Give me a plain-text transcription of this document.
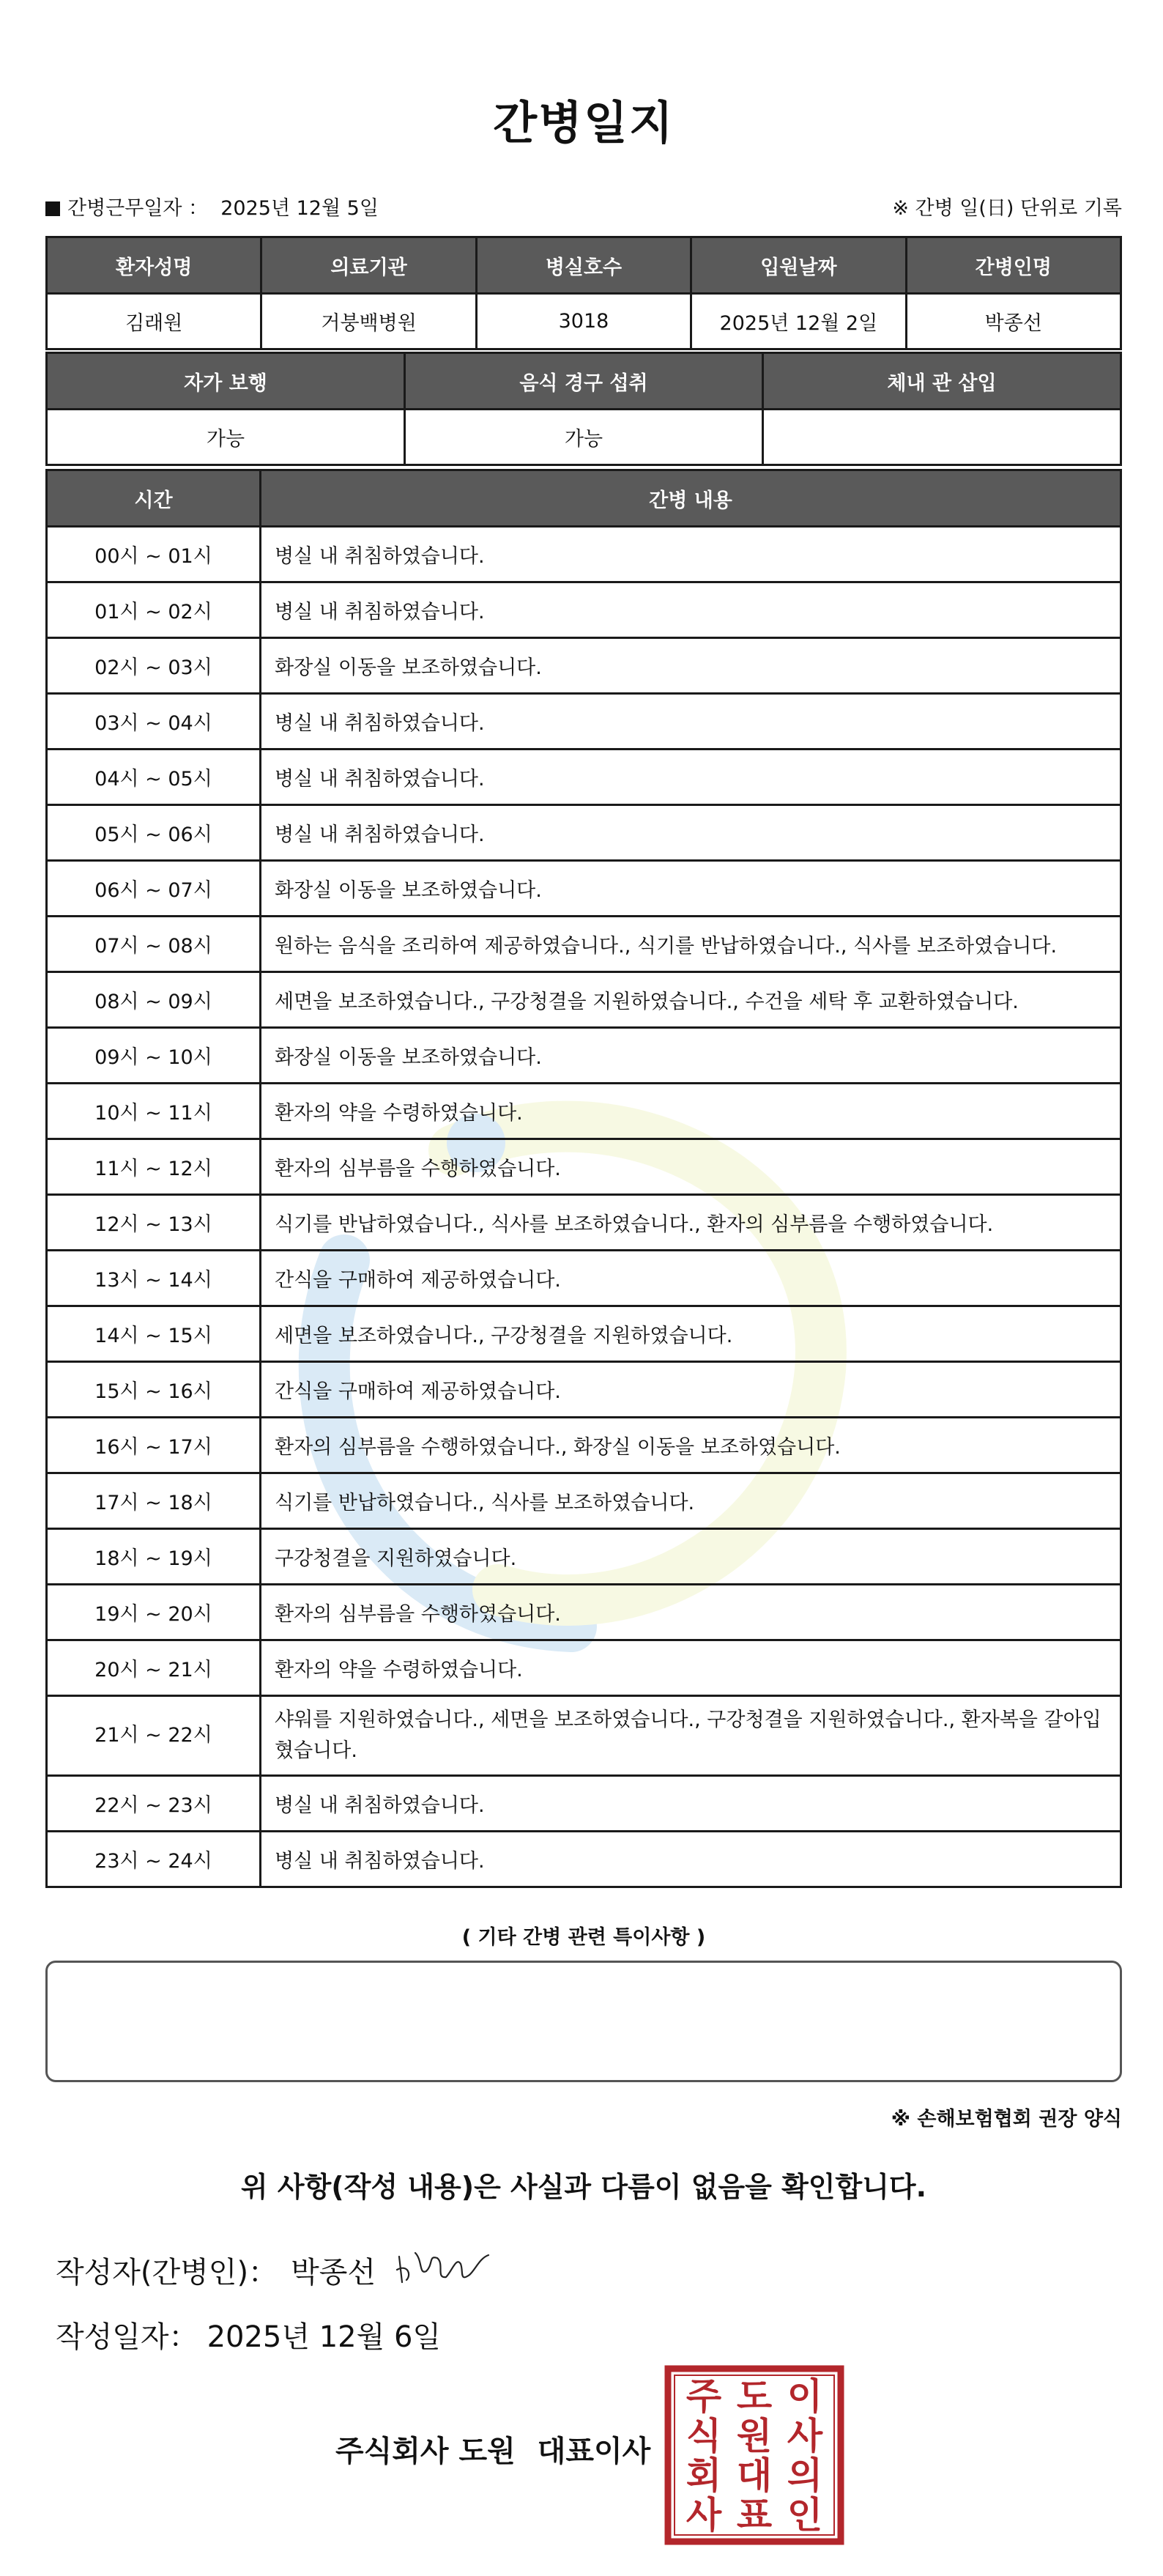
간병일지
간병근무일자 ： 2025년 12월 5일	※ 간병 일(日) 단위로 기록
환자성명	의료기관	병실호수	입원날짜	간병인명
김래원	거붕백병원	3018	2025년 12월 2일	박종선
자가 보행	음식 경구 섭취	체내 관 삽입
가능	가능	
시간	간병 내용
00시 ~ 01시	병실 내 취침하였습니다.
01시 ~ 02시	병실 내 취침하였습니다.
02시 ~ 03시	화장실 이동을 보조하였습니다.
03시 ~ 04시	병실 내 취침하였습니다.
04시 ~ 05시	병실 내 취침하였습니다.
05시 ~ 06시	병실 내 취침하였습니다.
06시 ~ 07시	화장실 이동을 보조하였습니다.
07시 ~ 08시	원하는 음식을 조리하여 제공하였습니다., 식기를 반납하였습니다., 식사를 보조하였습니다.
08시 ~ 09시	세면을 보조하였습니다., 구강청결을 지원하였습니다., 수건을 세탁 후 교환하였습니다.
09시 ~ 10시	화장실 이동을 보조하였습니다.
10시 ~ 11시	환자의 약을 수령하였습니다.
11시 ~ 12시	환자의 심부름을 수행하였습니다.
12시 ~ 13시	식기를 반납하였습니다., 식사를 보조하였습니다., 환자의 심부름을 수행하였습니다.
13시 ~ 14시	간식을 구매하여 제공하였습니다.
14시 ~ 15시	세면을 보조하였습니다., 구강청결을 지원하였습니다.
15시 ~ 16시	간식을 구매하여 제공하였습니다.
16시 ~ 17시	환자의 심부름을 수행하였습니다., 화장실 이동을 보조하였습니다.
17시 ~ 18시	식기를 반납하였습니다., 식사를 보조하였습니다.
18시 ~ 19시	구강청결을 지원하였습니다.
19시 ~ 20시	환자의 심부름을 수행하였습니다.
20시 ~ 21시	환자의 약을 수령하였습니다.
21시 ~ 22시	샤워를 지원하였습니다., 세면을 보조하였습니다., 구강청결을 지원하였습니다., 환자복을 갈아입혔습니다.
22시 ~ 23시	병실 내 취침하였습니다.
23시 ~ 24시	병실 내 취침하였습니다.
( 기타 간병 관련 특이사항 )
※ 손해보험협회 권장 양식
위 사항(작성 내용)은 사실과 다름이 없음을 확인합니다.
작성자(간병인)： 박종선
작성일자： 2025년 12월 6일
주식회사 도원 대표이사
주
식
회
사
도
원
대
표
이
사
의
인
